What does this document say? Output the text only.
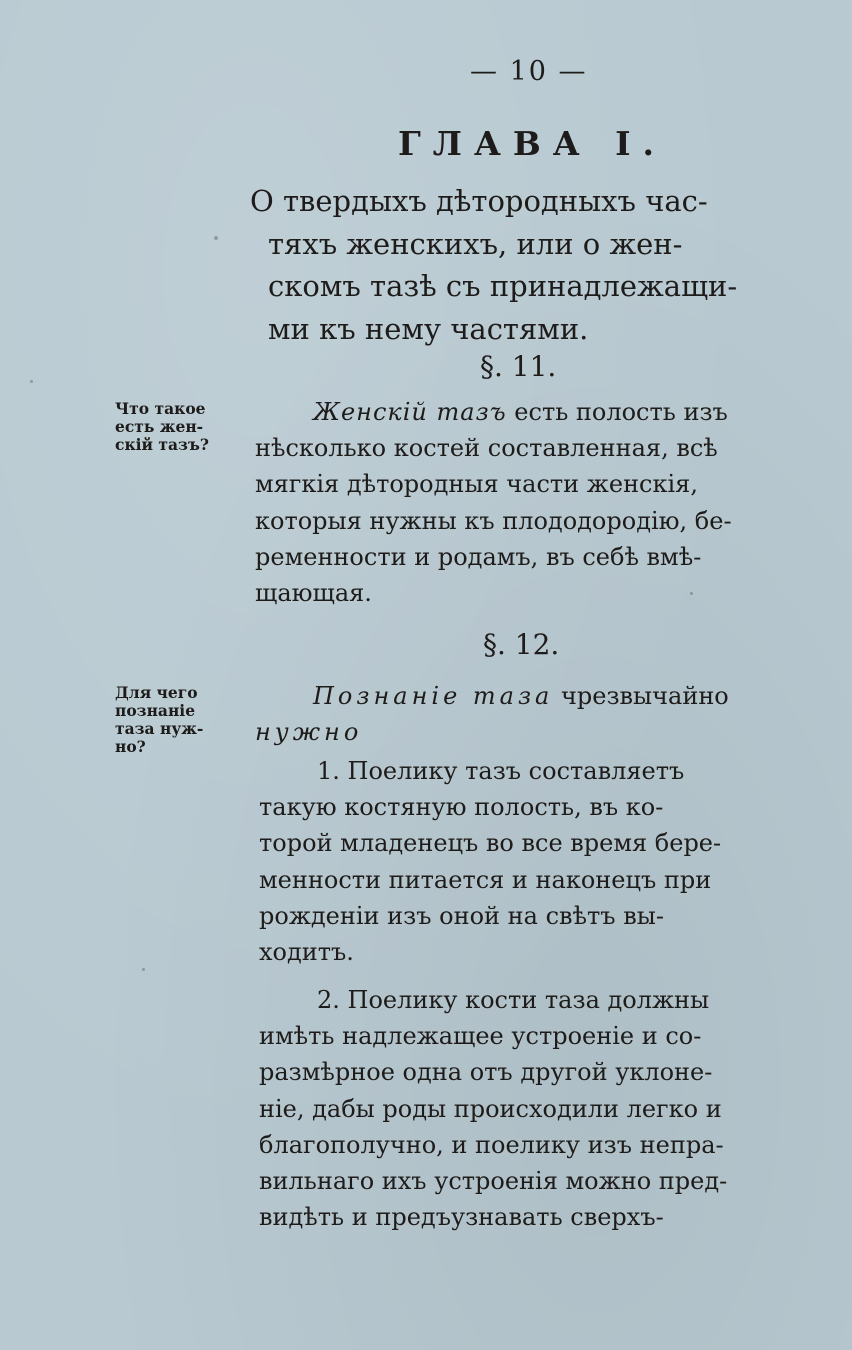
— 10 —
ГЛАВА I.
О твердыхъ дѣтородныхъ час-
тяхъ женскихъ, или о жен-
скомъ тазѣ съ принадлежащи-
ми къ нему частями.
§. 11.
Что такое
есть жен-
скій тазъ?
Женскій тазъ есть полость изъ
нѣсколько костей составленная, всѣ
мягкія дѣтородныя части женскія,
которыя нужны къ плододородію, бе-
ременности и родамъ, въ себѣ вмѣ-
щающая.
§. 12.
Для чего
познаніе
таза нуж-
но?
Познаніе таза чрезвычайно
нужно
1. Поелику тазъ составляетъ
такую костяную полость, въ ко-
торой младенецъ во все время бере-
менности питается и наконецъ при
рожденіи изъ оной на свѣтъ вы-
ходитъ.
2. Поелику кости таза должны
имѣть надлежащее устроеніе и со-
размѣрное одна отъ другой уклоне-
ніе, дабы роды происходили легко и
благополучно, и поелику изъ непра-
вильнаго ихъ устроенія можно пред-
видѣть и предъузнавать сверхъ-
